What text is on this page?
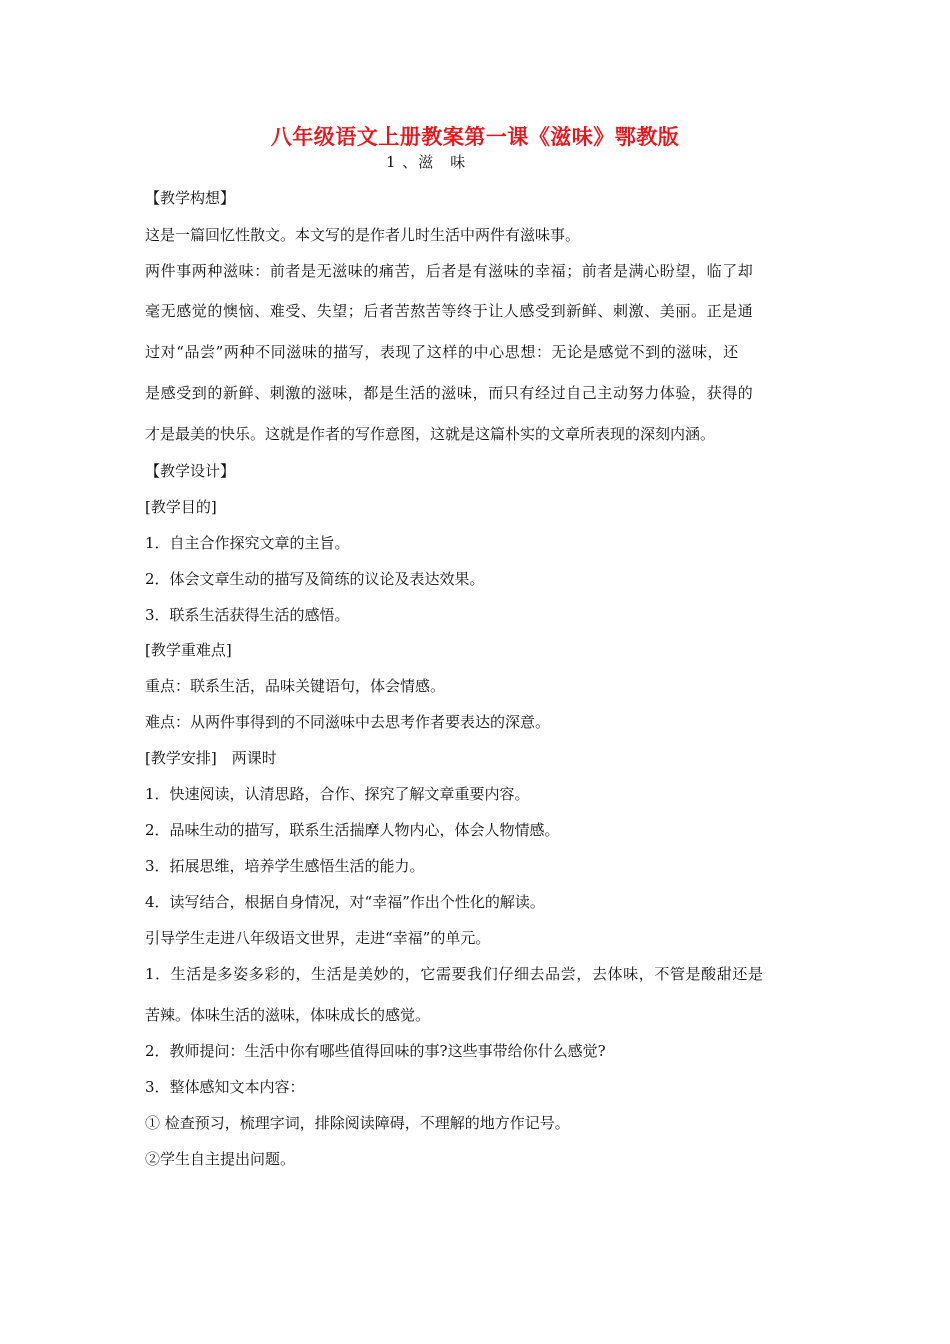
八年级语文上册教案第一课《滋味》鄂教版
1 、滋　味
【教学构想】
这是一篇回忆性散文。本文写的是作者儿时生活中两件有滋味事。
两件事两种滋味：前者是无滋味的痛苦，后者是有滋味的幸福；前者是满心盼望，临了却
毫无感觉的懊恼、难受、失望；后者苦熬苦等终于让人感受到新鲜、刺激、美丽。正是通
过对“品尝”两种不同滋味的描写，表现了这样的中心思想：无论是感觉不到的滋味，还
是感受到的新鲜、刺激的滋味，都是生活的滋味，而只有经过自己主动努力体验，获得的
才是最美的快乐。这就是作者的写作意图，这就是这篇朴实的文章所表现的深刻内涵。
【教学设计】
[教学目的]
1．自主合作探究文章的主旨。
2．体会文章生动的描写及简练的议论及表达效果。
3．联系生活获得生活的感悟。
[教学重难点]
重点：联系生活，品味关键语句，体会情感。
难点：从两件事得到的不同滋味中去思考作者要表达的深意。
[教学安排]　两课时
1．快速阅读，认清思路，合作、探究了解文章重要内容。
2．品味生动的描写，联系生活揣摩人物内心，体会人物情感。
3．拓展思维，培养学生感悟生活的能力。
4．读写结合，根据自身情况，对“幸福”作出个性化的解读。
引导学生走进八年级语文世界，走进“幸福”的单元。
1．生活是多姿多彩的，生活是美妙的，它需要我们仔细去品尝，去体味，不管是酸甜还是
苦辣。体味生活的滋味，体味成长的感觉。
2．教师提问：生活中你有哪些值得回味的事?这些事带给你什么感觉?
3．整体感知文本内容：
① 检查预习，梳理字词，排除阅读障碍，不理解的地方作记号。
②学生自主提出问题。
